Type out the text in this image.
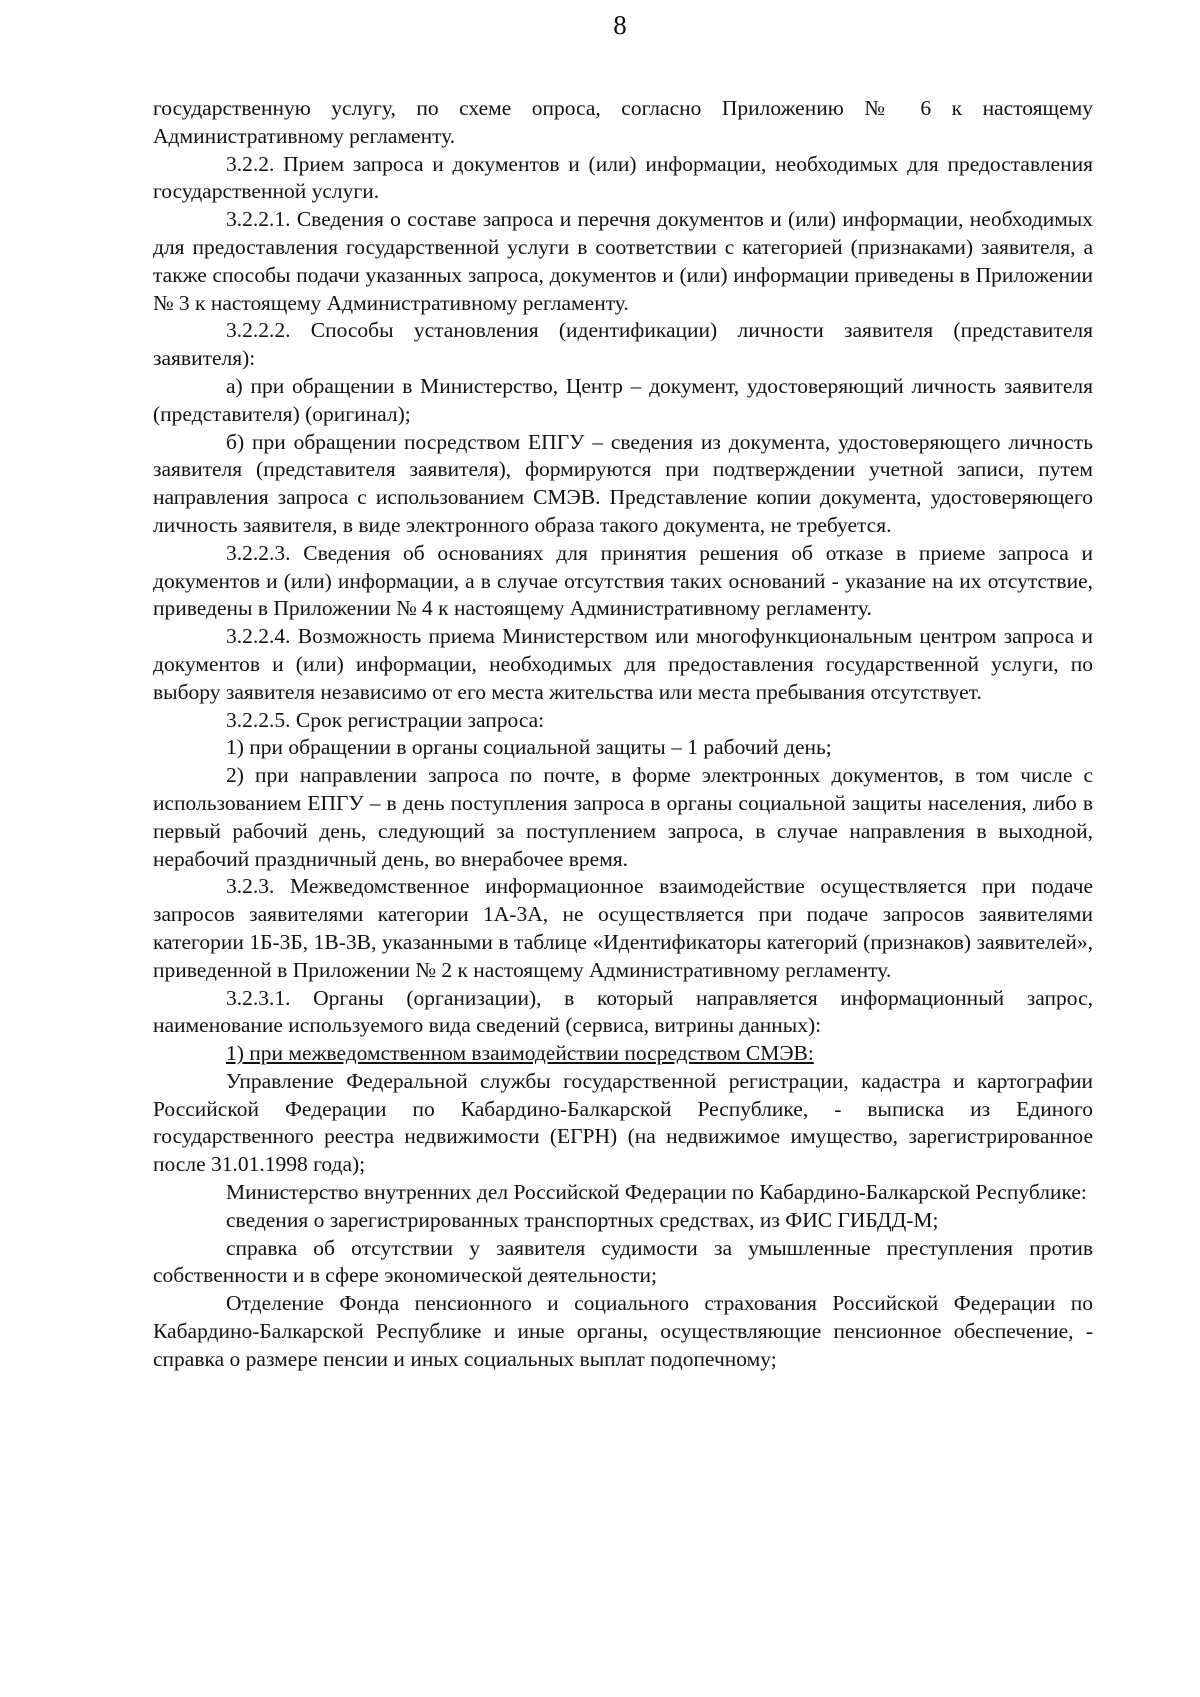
8

государственную услугу, по схеме опроса, согласно Приложению № 6 к настоящему Административному регламенту.

3.2.2. Прием запроса и документов и (или) информации, необходимых для предоставления государственной услуги.

3.2.2.1. Сведения о составе запроса и перечня документов и (или) информации, необходимых для предоставления государственной услуги в соответствии с категорией (признаками) заявителя, а также способы подачи указанных запроса, документов и (или) информации приведены в Приложении № 3 к настоящему Административному регламенту.

3.2.2.2. Способы установления (идентификации) личности заявителя (представителя заявителя):

а) при обращении в Министерство, Центр – документ, удостоверяющий личность заявителя (представителя) (оригинал);

б) при обращении посредством ЕПГУ – сведения из документа, удостоверяющего личность заявителя (представителя заявителя), формируются при подтверждении учетной записи, путем направления запроса с использованием СМЭВ. Представление копии документа, удостоверяющего личность заявителя, в виде электронного образа такого документа, не требуется.

3.2.2.3. Сведения об основаниях для принятия решения об отказе в приеме запроса и документов и (или) информации, а в случае отсутствия таких оснований - указание на их отсутствие, приведены в Приложении № 4 к настоящему Административному регламенту.

3.2.2.4. Возможность приема Министерством или многофункциональным центром запроса и документов и (или) информации, необходимых для предоставления государственной услуги, по выбору заявителя независимо от его места жительства или места пребывания отсутствует.

3.2.2.5. Срок регистрации запроса:

1) при обращении в органы социальной защиты – 1 рабочий день;

2) при направлении запроса по почте, в форме электронных документов, в том числе с использованием ЕПГУ – в день поступления запроса в органы социальной защиты населения, либо в первый рабочий день, следующий за поступлением запроса, в случае направления в выходной, нерабочий праздничный день, во внерабочее время.

3.2.3. Межведомственное информационное взаимодействие осуществляется при подаче запросов заявителями категории 1А-3А, не осуществляется при подаче запросов заявителями категории 1Б-3Б, 1В-3В, указанными в таблице «Идентификаторы категорий (признаков) заявителей», приведенной в Приложении № 2 к настоящему Административному регламенту.

3.2.3.1. Органы (организации), в который направляется информационный запрос, наименование используемого вида сведений (сервиса, витрины данных):

1) при межведомственном взаимодействии посредством СМЭВ:

Управление Федеральной службы государственной регистрации, кадастра и картографии Российской Федерации по Кабардино-Балкарской Республике, - выписка из Единого государственного реестра недвижимости (ЕГРН) (на недвижимое имущество, зарегистрированное после 31.01.1998 года);

Министерство внутренних дел Российской Федерации по Кабардино-Балкарской Республике:

сведения о зарегистрированных транспортных средствах, из ФИС ГИБДД-М;

справка об отсутствии у заявителя судимости за умышленные преступления против собственности и в сфере экономической деятельности;

Отделение Фонда пенсионного и социального страхования Российской Федерации по Кабардино-Балкарской Республике и иные органы, осуществляющие пенсионное обеспечение, - справка о размере пенсии и иных социальных выплат подопечному;
